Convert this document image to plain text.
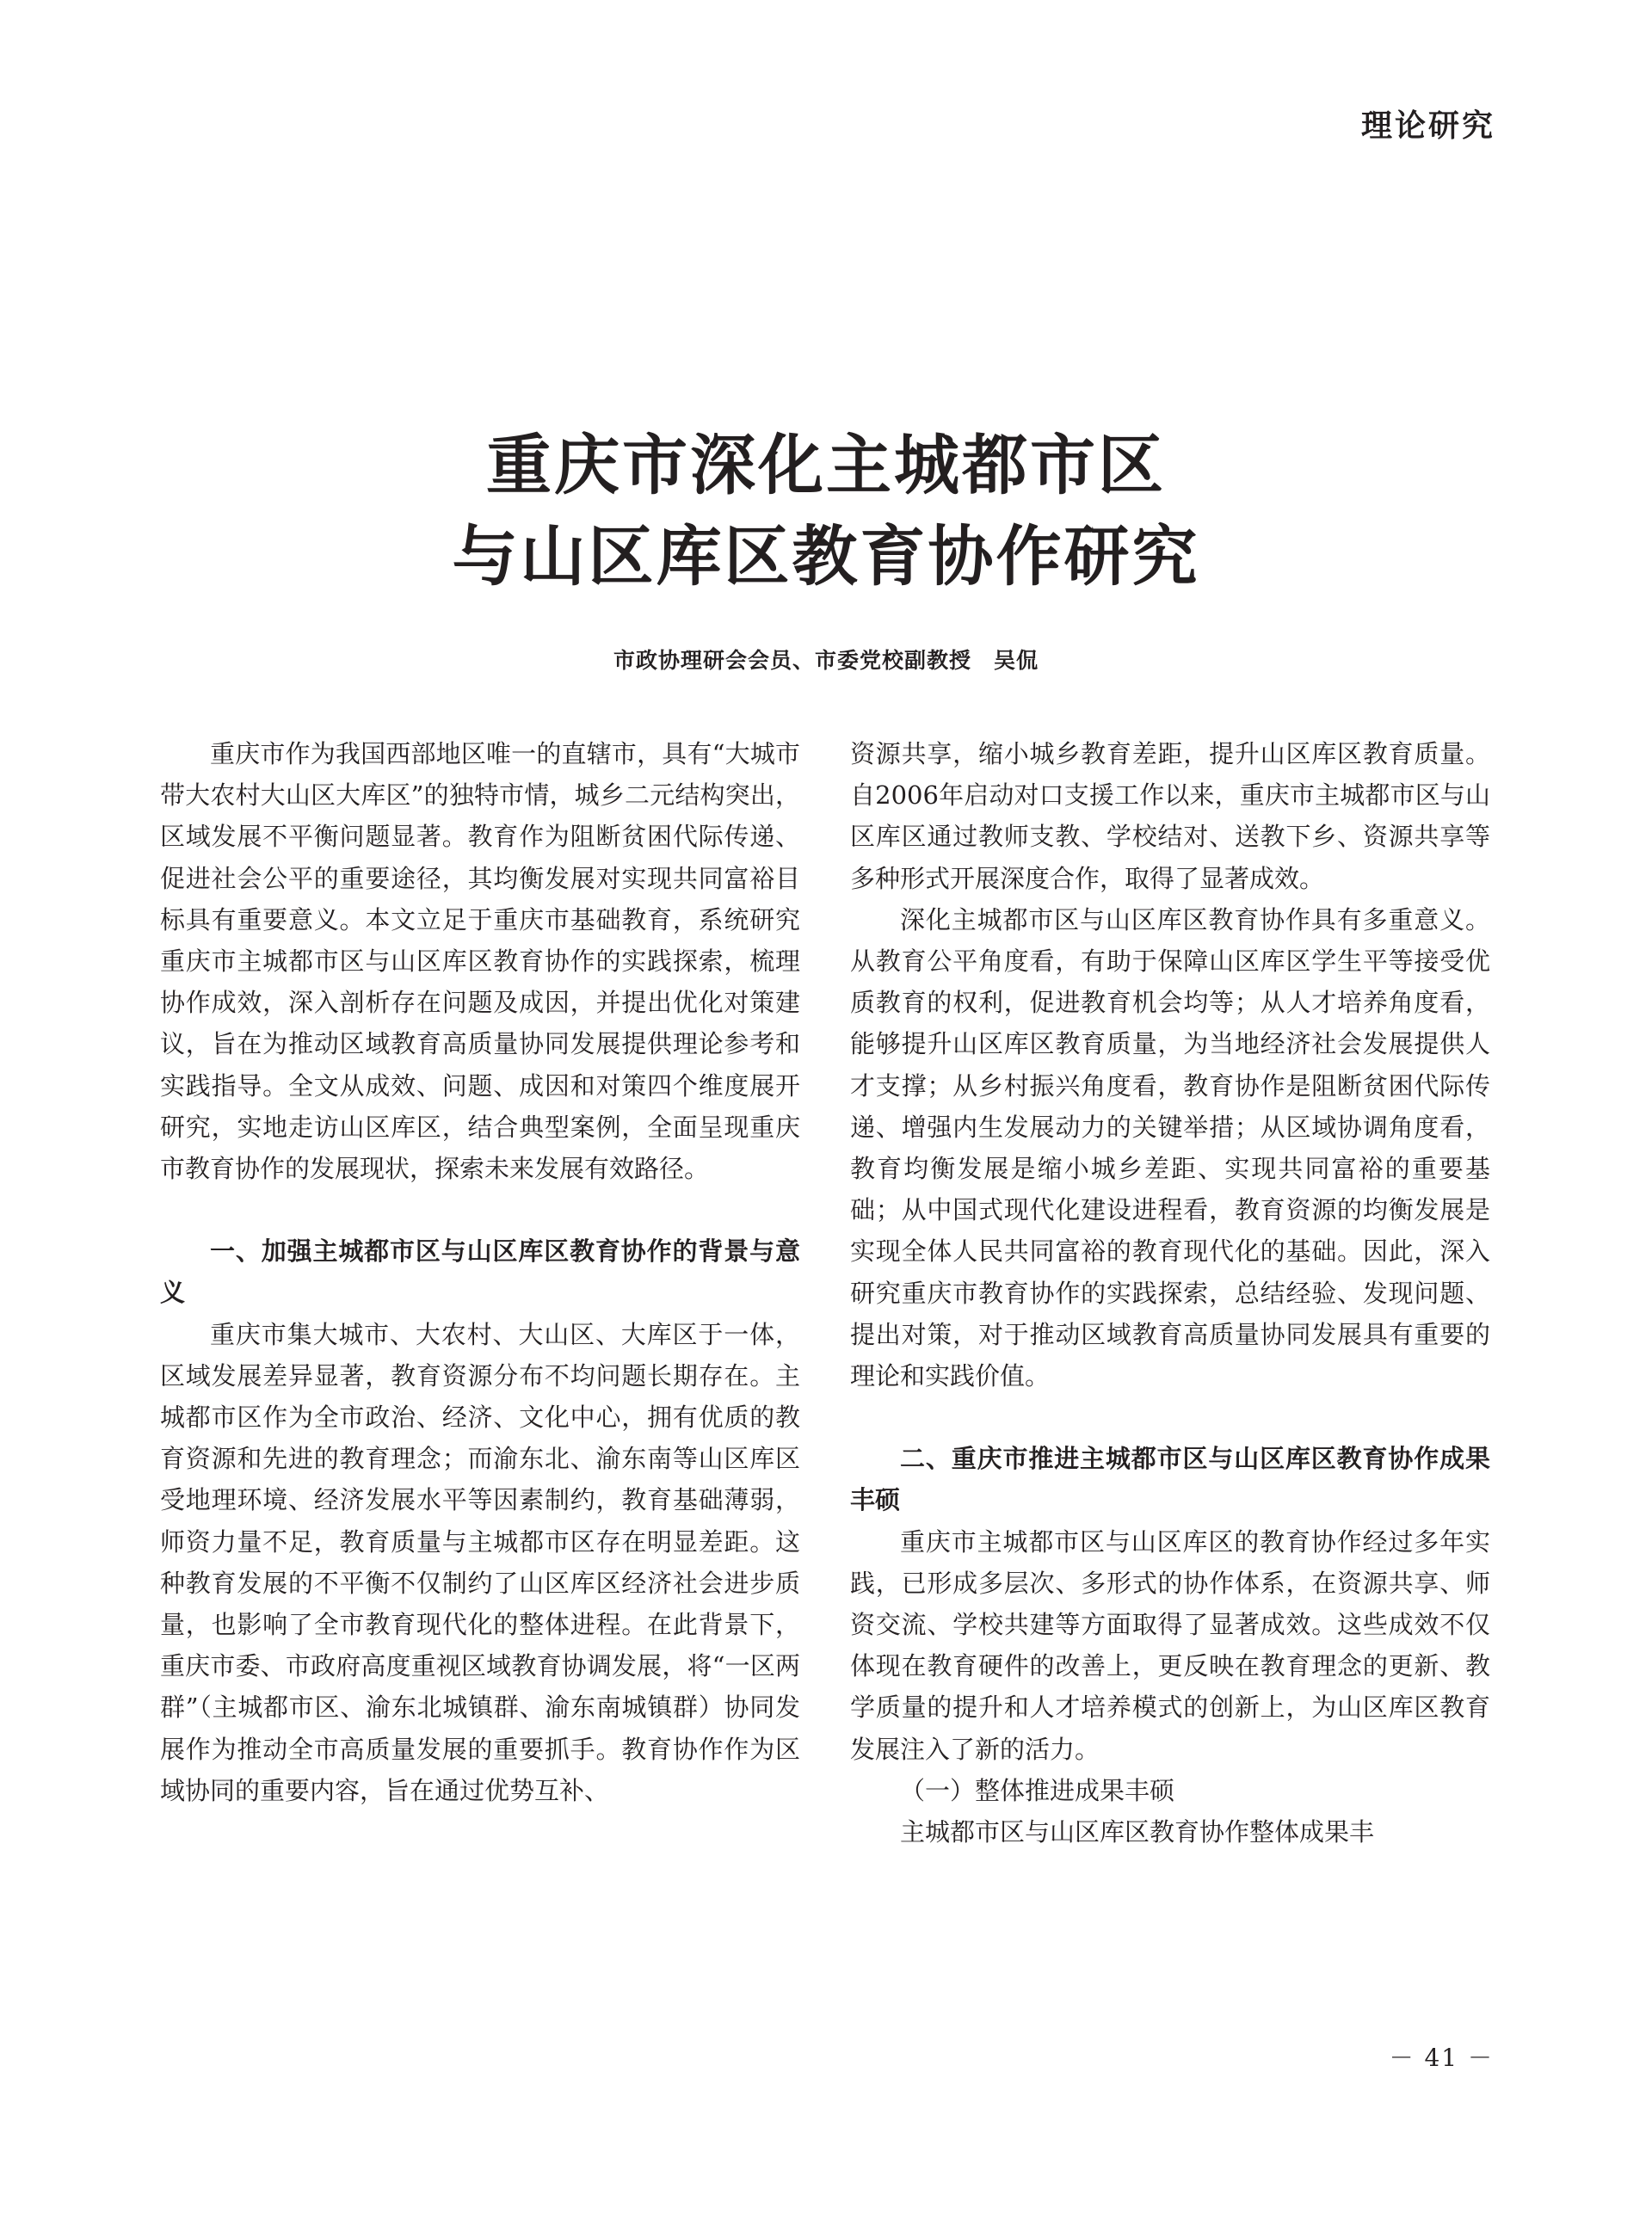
理论研究
重庆市深化主城都市区
与山区库区教育协作研究
市政协理研会会员、市委党校副教授　吴侃

重庆市作为我国西部地区唯一的直辖市，具有“大城市带大农村大山区大库区”的独特市情，城乡二元结构突出，区域发展不平衡问题显著。教育作为阻断贫困代际传递、促进社会公平的重要途径，其均衡发展对实现共同富裕目标具有重要意义。本文立足于重庆市基础教育，系统研究重庆市主城都市区与山区库区教育协作的实践探索，梳理协作成效，深入剖析存在问题及成因，并提出优化对策建议，旨在为推动区域教育高质量协同发展提供理论参考和实践指导。全文从成效、问题、成因和对策四个维度展开研究，实地走访山区库区，结合典型案例，全面呈现重庆市教育协作的发展现状，探索未来发展有效路径。

一、加强主城都市区与山区库区教育协作的背景与意义

重庆市集大城市、大农村、大山区、大库区于一体，区域发展差异显著，教育资源分布不均问题长期存在。主城都市区作为全市政治、经济、文化中心，拥有优质的教育资源和先进的教育理念；而渝东北、渝东南等山区库区受地理环境、经济发展水平等因素制约，教育基础薄弱，师资力量不足，教育质量与主城都市区存在明显差距。这种教育发展的不平衡不仅制约了山区库区经济社会进步质量，也影响了全市教育现代化的整体进程。在此背景下，重庆市委、市政府高度重视区域教育协调发展，将“一区两群”（主城都市区、渝东北城镇群、渝东南城镇群）协同发展作为推动全市高质量发展的重要抓手。教育协作作为区域协同的重要内容，旨在通过优势互补、

资源共享，缩小城乡教育差距，提升山区库区教育质量。自2006年启动对口支援工作以来，重庆市主城都市区与山区库区通过教师支教、学校结对、送教下乡、资源共享等多种形式开展深度合作，取得了显著成效。

深化主城都市区与山区库区教育协作具有多重意义。从教育公平角度看，有助于保障山区库区学生平等接受优质教育的权利，促进教育机会均等；从人才培养角度看，能够提升山区库区教育质量，为当地经济社会发展提供人才支撑；从乡村振兴角度看，教育协作是阻断贫困代际传递、增强内生发展动力的关键举措；从区域协调角度看，教育均衡发展是缩小城乡差距、实现共同富裕的重要基础；从中国式现代化建设进程看，教育资源的均衡发展是实现全体人民共同富裕的教育现代化的基础。因此，深入研究重庆市教育协作的实践探索，总结经验、发现问题、提出对策，对于推动区域教育高质量协同发展具有重要的理论和实践价值。

二、重庆市推进主城都市区与山区库区教育协作成果丰硕

重庆市主城都市区与山区库区的教育协作经过多年实践，已形成多层次、多形式的协作体系，在资源共享、师资交流、学校共建等方面取得了显著成效。这些成效不仅体现在教育硬件的改善上，更反映在教育理念的更新、教学质量的提升和人才培养模式的创新上，为山区库区教育发展注入了新的活力。

（一）整体推进成果丰硕

主城都市区与山区库区教育协作整体成果丰

－ 41 －
